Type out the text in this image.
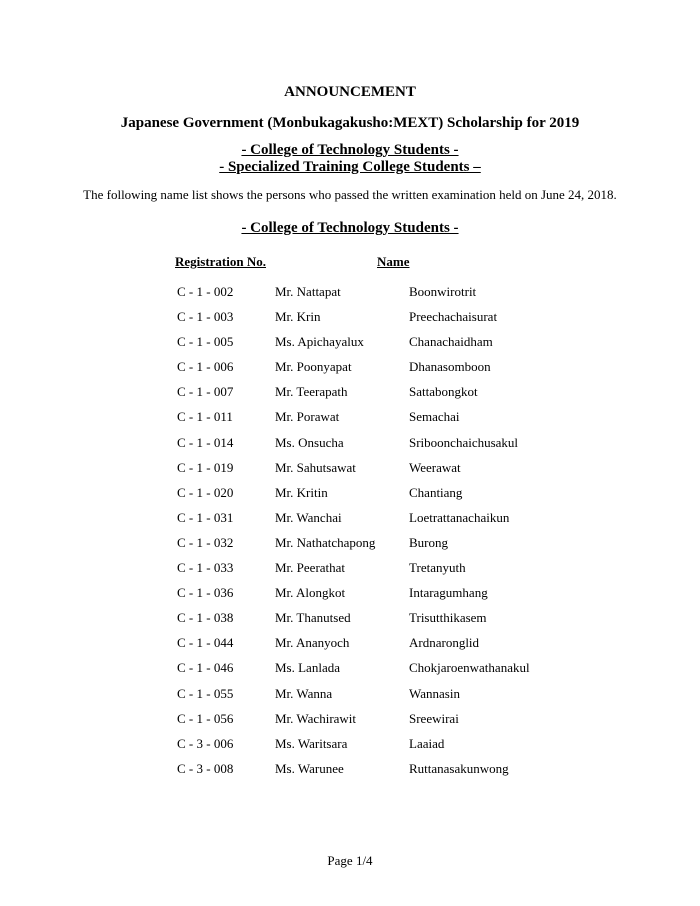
ANNOUNCEMENT
Japanese Government (Monbukagakusho:MEXT) Scholarship for 2019
- College of Technology Students -
- Specialized Training College Students –
The following name list shows the persons who passed the written examination held on June 24, 2018.
- College of Technology Students -
Registration No.	Name
C - 1 - 002	Mr. Nattapat	Boonwirotrit
C - 1 - 003	Mr. Krin	Preechachaisurat
C - 1 - 005	Ms. Apichayalux	Chanachaidham
C - 1 - 006	Mr. Poonyapat	Dhanasomboon
C - 1 - 007	Mr. Teerapath	Sattabongkot
C - 1 - 011	Mr. Porawat	Semachai
C - 1 - 014	Ms. Onsucha	Sriboonchaichusakul
C - 1 - 019	Mr. Sahutsawat	Weerawat
C - 1 - 020	Mr. Kritin	Chantiang
C - 1 - 031	Mr. Wanchai	Loetrattanachaikun
C - 1 - 032	Mr. Nathatchapong	Burong
C - 1 - 033	Mr. Peerathat	Tretanyuth
C - 1 - 036	Mr. Alongkot	Intaragumhang
C - 1 - 038	Mr. Thanutsed	Trisutthikasem
C - 1 - 044	Mr. Ananyoch	Ardnaronglid
C - 1 - 046	Ms. Lanlada	Chokjaroenwathanakul
C - 1 - 055	Mr. Wanna	Wannasin
C - 1 - 056	Mr. Wachirawit	Sreewirai
C - 3 - 006	Ms. Waritsara	Laaiad
C - 3 - 008	Ms. Warunee	Ruttanasakunwong
Page 1/4
